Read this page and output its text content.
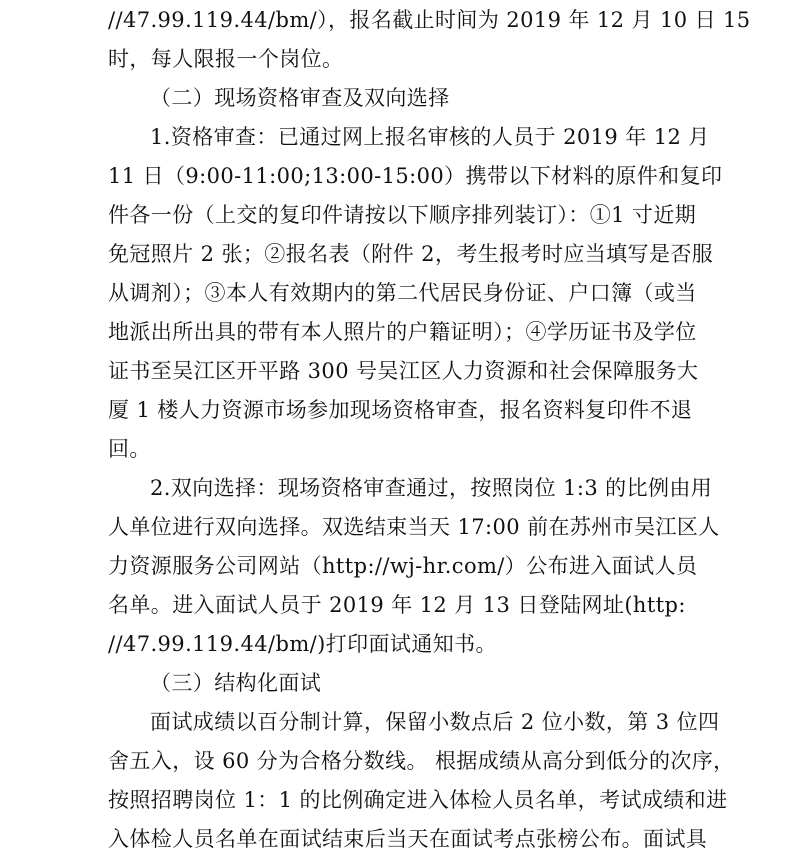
//47.99.119.44/bm/），报名截止时间为 2019 年 12 月 10 日 15
时，每人限报一个岗位。
（二）现场资格审查及双向选择
1.资格审查：已通过网上报名审核的人员于 2019 年 12 月
11 日（9:00-11:00;13:00-15:00）携带以下材料的原件和复印
件各一份（上交的复印件请按以下顺序排列装订）：①1 寸近期
免冠照片 2 张；②报名表（附件 2，考生报考时应当填写是否服
从调剂）；③本人有效期内的第二代居民身份证、户口簿（或当
地派出所出具的带有本人照片的户籍证明）；④学历证书及学位
证书至吴江区开平路 300 号吴江区人力资源和社会保障服务大
厦 1 楼人力资源市场参加现场资格审查，报名资料复印件不退
回。
2.双向选择：现场资格审查通过，按照岗位 1:3 的比例由用
人单位进行双向选择。双选结束当天 17:00 前在苏州市吴江区人
力资源服务公司网站（http://wj-hr.com/）公布进入面试人员
名单。进入面试人员于 2019 年 12 月 13 日登陆网址(http:
//47.99.119.44/bm/)打印面试通知书。
（三）结构化面试
面试成绩以百分制计算，保留小数点后 2 位小数，第 3 位四
舍五入，设 60 分为合格分数线。 根据成绩从高分到低分的次序，
按照招聘岗位 1：1 的比例确定进入体检人员名单，考试成绩和进
入体检人员名单在面试结束后当天在面试考点张榜公布。面试具
